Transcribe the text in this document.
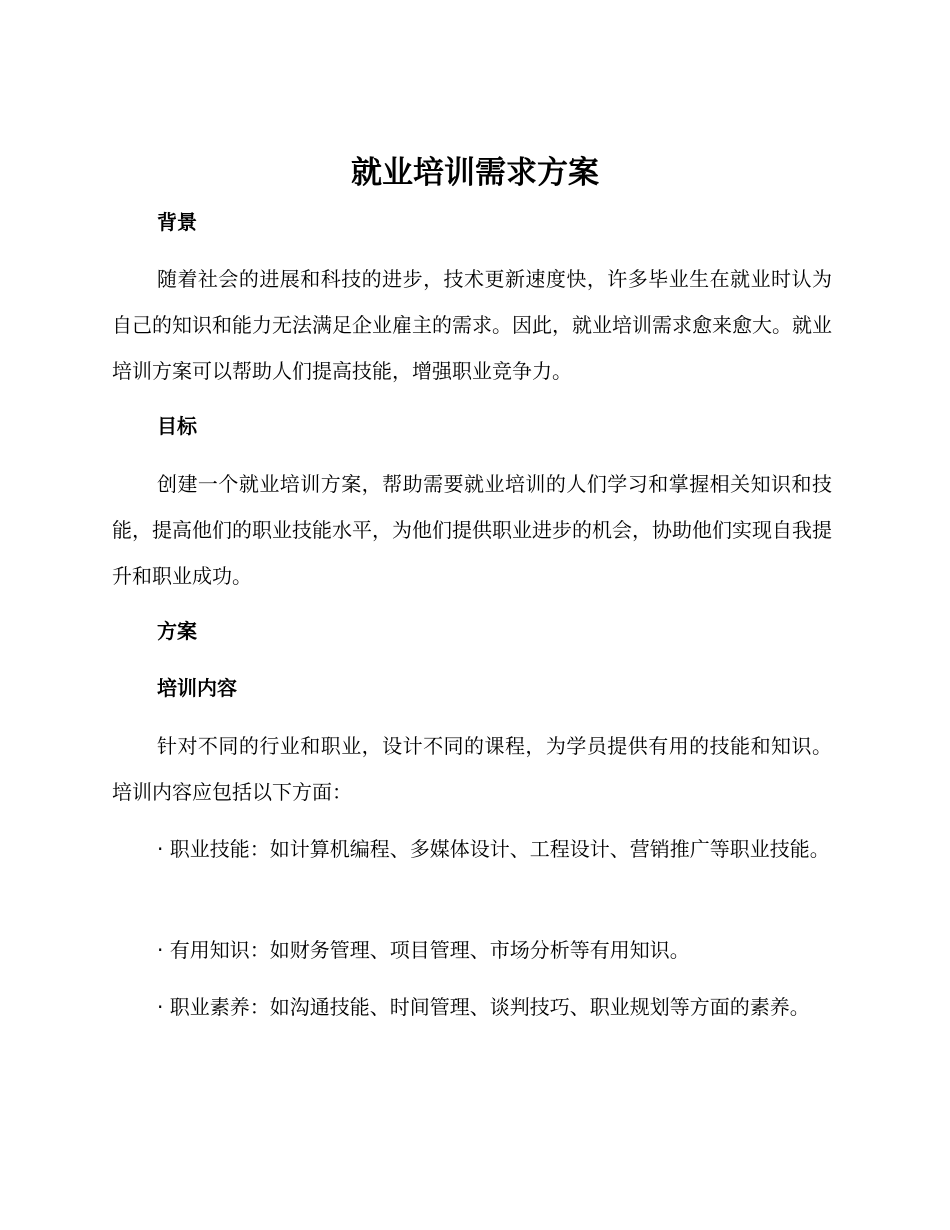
就业培训需求方案
背景

随着社会的进展和科技的进步，技术更新速度快，许多毕业生在就业时认为自己的知识和能力无法满足企业雇主的需求。因此，就业培训需求愈来愈大。就业培训方案可以帮助人们提高技能，增强职业竞争力。

目标

创建一个就业培训方案，帮助需要就业培训的人们学习和掌握相关知识和技能，提高他们的职业技能水平，为他们提供职业进步的机会，协助他们实现自我提升和职业成功。

方案
培训内容

针对不同的行业和职业，设计不同的课程，为学员提供有用的技能和知识。培训内容应包括以下方面：

· 职业技能：如计算机编程、多媒体设计、工程设计、营销推广等职业技能。

· 有用知识：如财务管理、项目管理、市场分析等有用知识。

· 职业素养：如沟通技能、时间管理、谈判技巧、职业规划等方面的素养。
